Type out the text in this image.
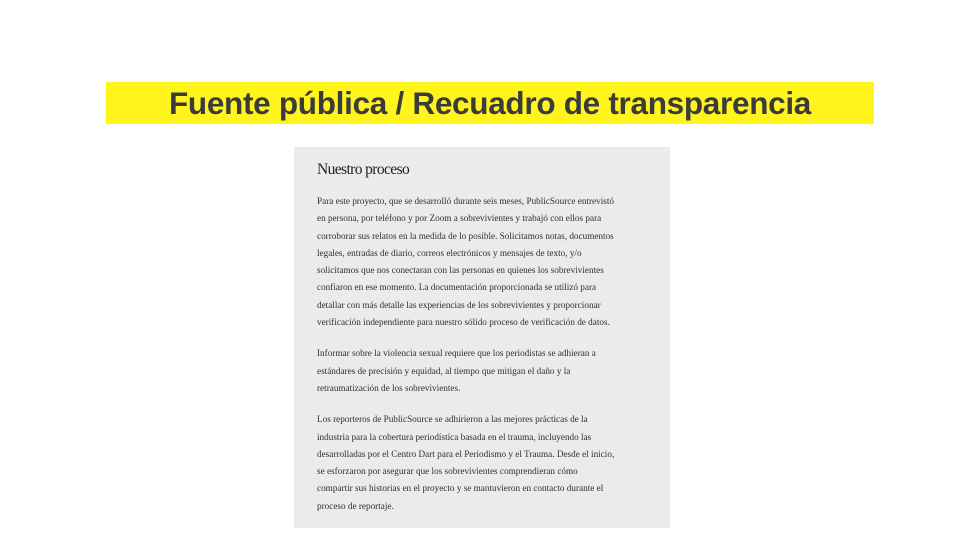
Fuente pública / Recuadro de transparencia
Nuestro proceso

Para este proyecto, que se desarrolló durante seis meses, PublicSource entrevistó
en persona, por teléfono y por Zoom a sobrevivientes y trabajó con ellos para
corroborar sus relatos en la medida de lo posible. Solicitamos notas, documentos
legales, entradas de diario, correos electrónicos y mensajes de texto, y/o
solicitamos que nos conectaran con las personas en quienes los sobrevivientes
confiaron en ese momento. La documentación proporcionada se utilizó para
detallar con más detalle las experiencias de los sobrevivientes y proporcionar
verificación independiente para nuestro sólido proceso de verificación de datos.

Informar sobre la violencia sexual requiere que los periodistas se adhieran a
estándares de precisión y equidad, al tiempo que mitigan el daño y la
retraumatización de los sobrevivientes.

Los reporteros de PublicSource se adhirieron a las mejores prácticas de la
industria para la cobertura periodística basada en el trauma, incluyendo las
desarrolladas por el Centro Dart para el Periodismo y el Trauma. Desde el inicio,
se esforzaron por asegurar que los sobrevivientes comprendieran cómo
compartir sus historias en el proyecto y se mantuvieron en contacto durante el
proceso de reportaje.
